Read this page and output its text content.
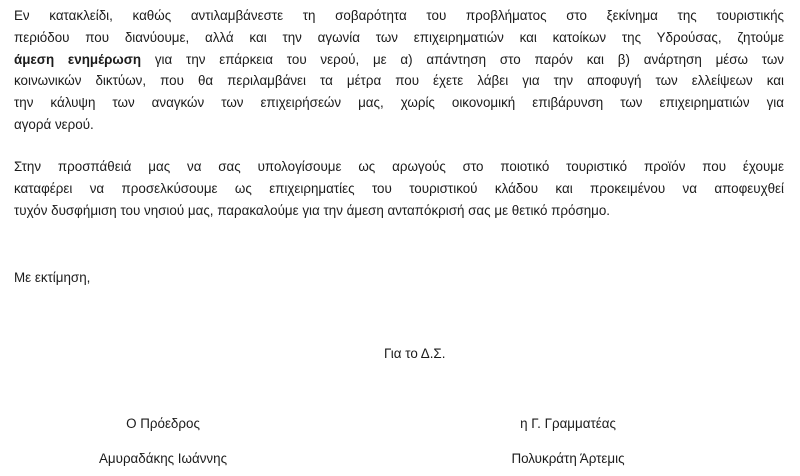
Εν κατακλείδι, καθώς αντιλαμβάνεστε τη σοβαρότητα του προβλήματος στο ξεκίνημα της τουριστικής
περιόδου που διανύουμε, αλλά και την αγωνία των επιχειρηματιών και κατοίκων της Υδρούσας, ζητούμε
άμεση ενημέρωση για την επάρκεια του νερού, με α) απάντηση στο παρόν και β) ανάρτηση μέσω των
κοινωνικών δικτύων, που θα περιλαμβάνει τα μέτρα που έχετε λάβει για την αποφυγή των ελλείψεων και
την κάλυψη των αναγκών των επιχειρήσεών μας, χωρίς οικονομική επιβάρυνση των επιχειρηματιών για
αγορά νερού.
Στην προσπάθειά μας να σας υπολογίσουμε ως αρωγούς στο ποιοτικό τουριστικό προϊόν που έχουμε
καταφέρει να προσελκύσουμε ως επιχειρηματίες του τουριστικού κλάδου και προκειμένου να αποφευχθεί
τυχόν δυσφήμιση του νησιού μας, παρακαλούμε για την άμεση ανταπόκρισή σας με θετικό πρόσημο.
Με εκτίμηση,
Για το Δ.Σ.
Ο Πρόεδρος
Αμυραδάκης Ιωάννης
η Γ. Γραμματέας
Πολυκράτη Άρτεμις
